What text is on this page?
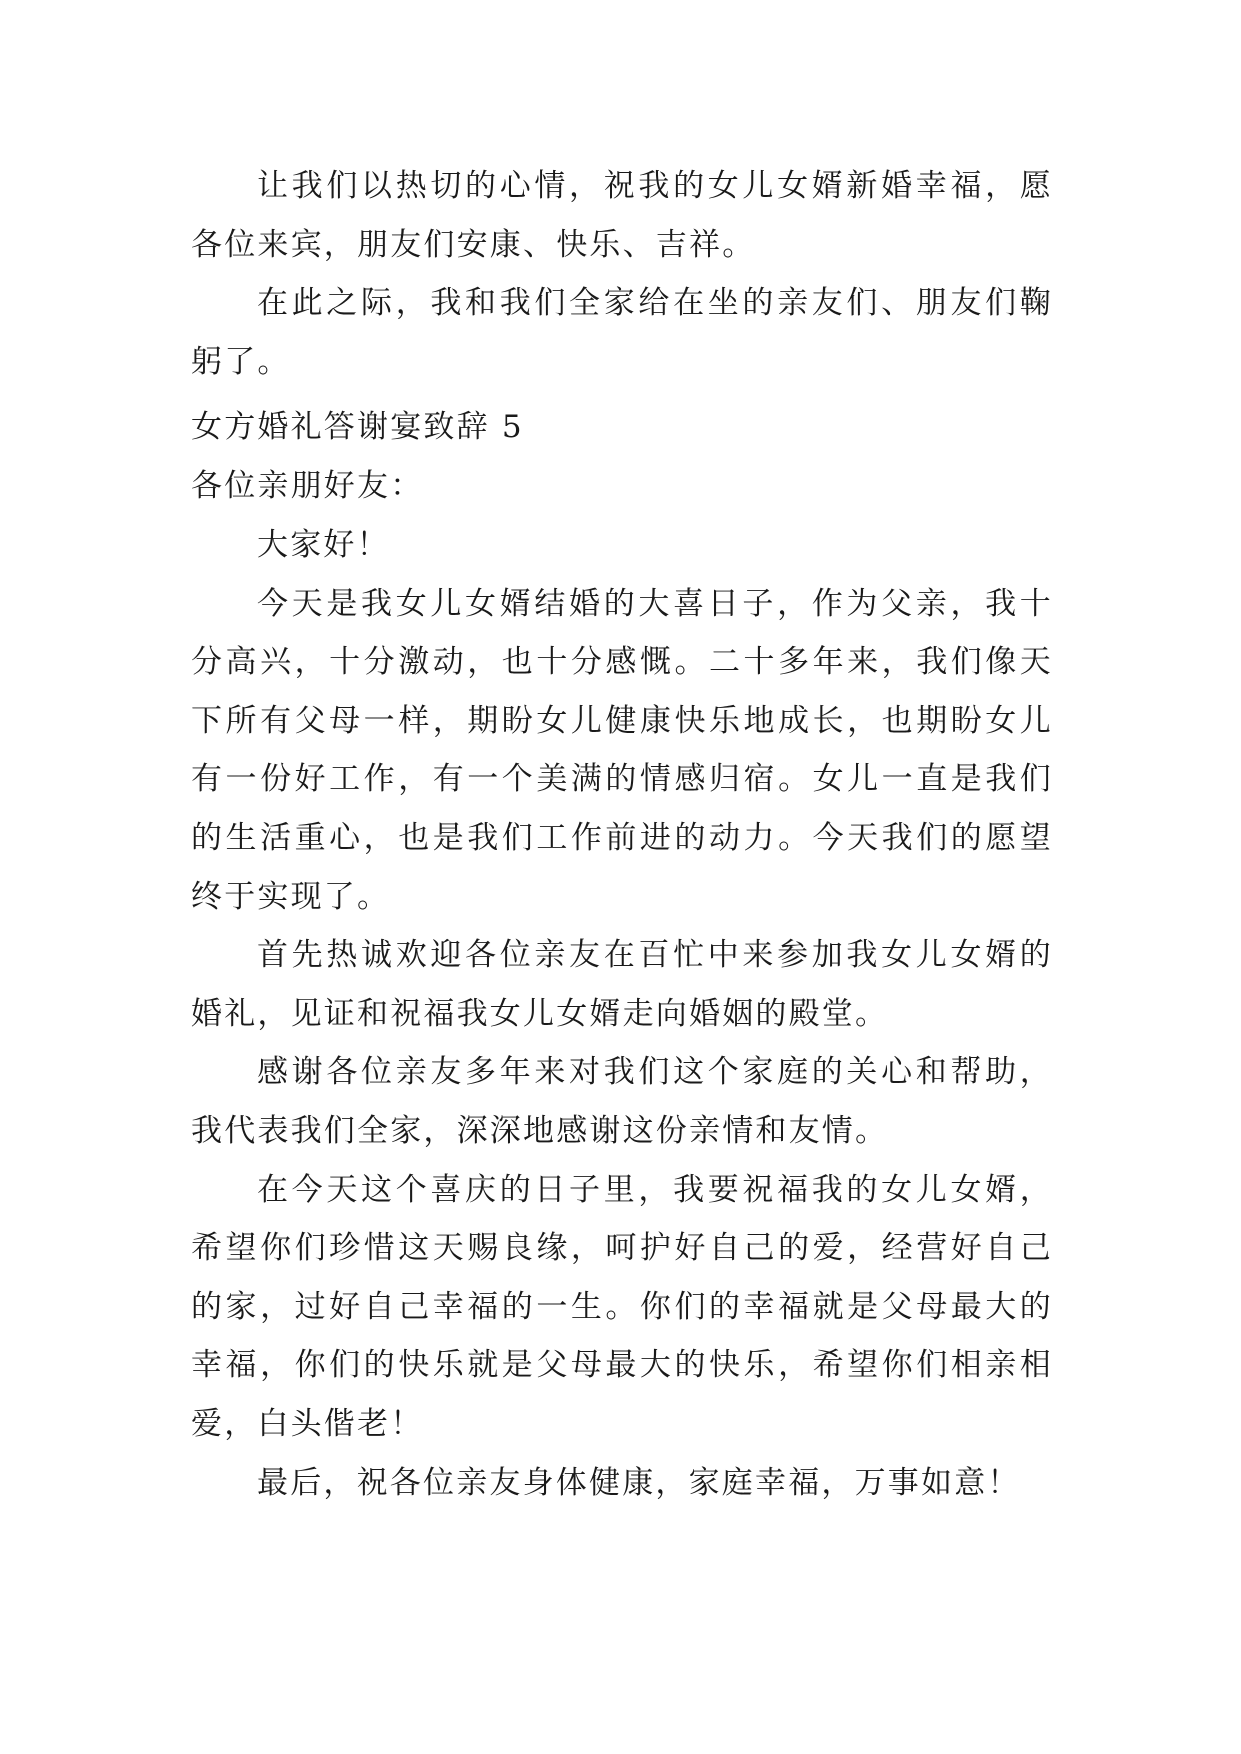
让我们以热切的心情，祝我的女儿女婿新婚幸福，愿各位来宾，朋友们安康、快乐、吉祥。

在此之际，我和我们全家给在坐的亲友们、朋友们鞠躬了。

女方婚礼答谢宴致辞 5

各位亲朋好友：

大家好！

今天是我女儿女婿结婚的大喜日子，作为父亲，我十分高兴，十分激动，也十分感慨。二十多年来，我们像天下所有父母一样，期盼女儿健康快乐地成长，也期盼女儿有一份好工作，有一个美满的情感归宿。女儿一直是我们的生活重心，也是我们工作前进的动力。今天我们的愿望终于实现了。

首先热诚欢迎各位亲友在百忙中来参加我女儿女婿的婚礼，见证和祝福我女儿女婿走向婚姻的殿堂。

感谢各位亲友多年来对我们这个家庭的关心和帮助，我代表我们全家，深深地感谢这份亲情和友情。

在今天这个喜庆的日子里，我要祝福我的女儿女婿，希望你们珍惜这天赐良缘，呵护好自己的爱，经营好自己的家，过好自己幸福的一生。你们的幸福就是父母最大的幸福，你们的快乐就是父母最大的快乐，希望你们相亲相爱，白头偕老！

最后，祝各位亲友身体健康，家庭幸福，万事如意！
